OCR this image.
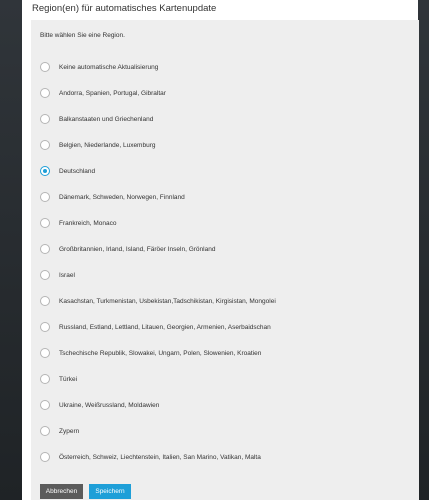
Region(en) für automatisches Kartenupdate
Bitte wählen Sie eine Region.
Keine automatische Aktualisierung
Andorra, Spanien, Portugal, Gibraltar
Balkanstaaten und Griechenland
Belgien, Niederlande, Luxemburg
Deutschland
Dänemark, Schweden, Norwegen, Finnland
Frankreich, Monaco
Großbritannien, Irland, Island, Färöer Inseln, Grönland
Israel
Kasachstan, Turkmenistan, Usbekistan,Tadschikistan, Kirgisistan, Mongolei
Russland, Estland, Lettland, Litauen, Georgien, Armenien, Aserbaidschan
Tschechische Republik, Slowakei, Ungarn, Polen, Slowenien, Kroatien
Türkei
Ukraine, Weißrussland, Moldawien
Zypern
Österreich, Schweiz, Liechtenstein, Italien, San Marino, Vatikan, Malta
Abbrechen	Speichern
